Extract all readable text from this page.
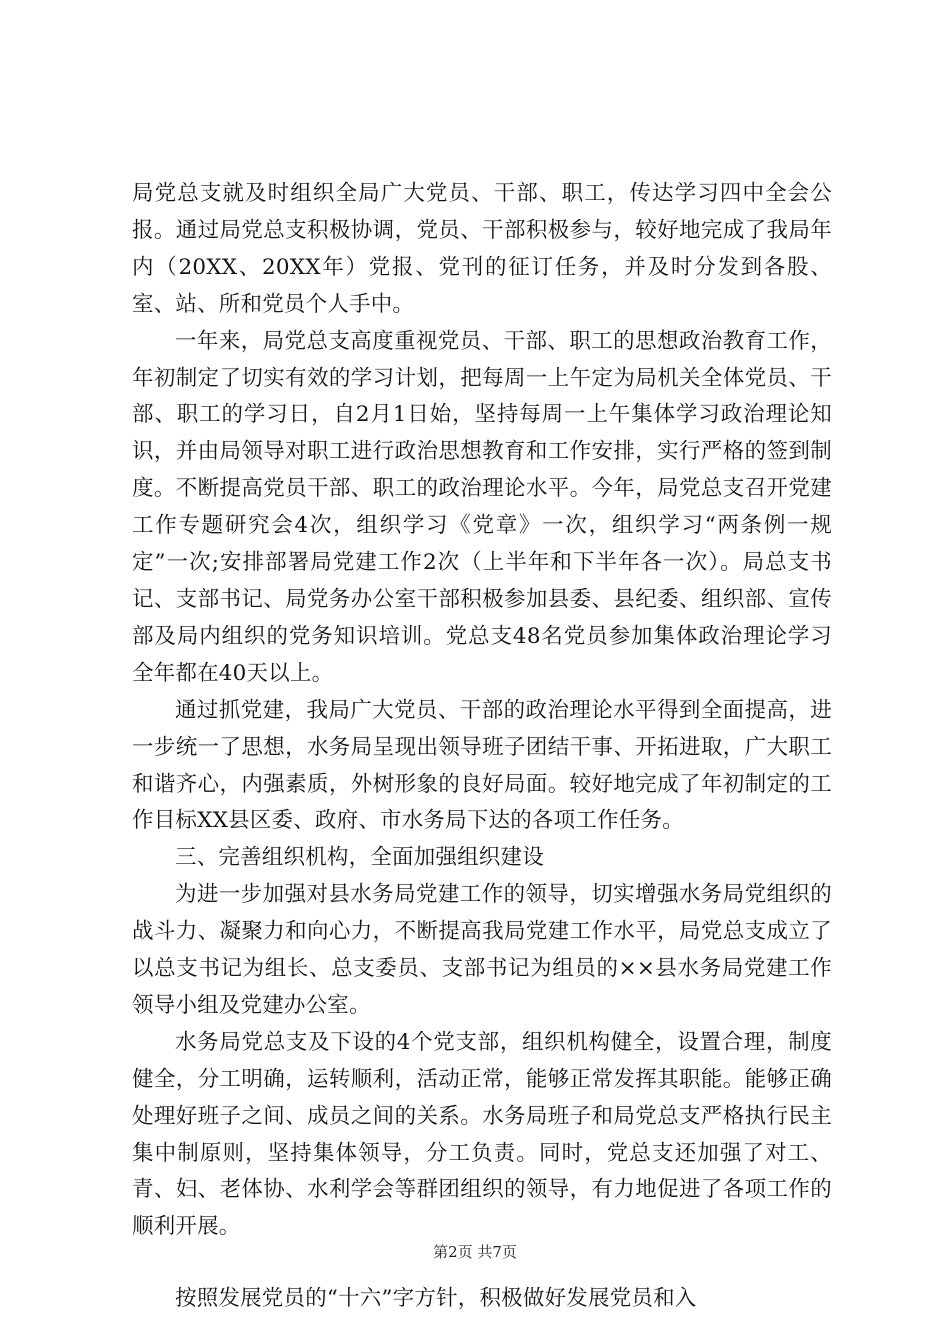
局党总支就及时组织全局广大党员、干部、职工，传达学习四中全会公报。通过局党总支积极协调，党员、干部积极参与，较好地完成了我局年内（20XX、20XX年）党报、党刊的征订任务，并及时分发到各股、室、站、所和党员个人手中。

一年来，局党总支高度重视党员、干部、职工的思想政治教育工作，年初制定了切实有效的学习计划，把每周一上午定为局机关全体党员、干部、职工的学习日，自2月1日始，坚持每周一上午集体学习政治理论知识，并由局领导对职工进行政治思想教育和工作安排，实行严格的签到制度。不断提高党员干部、职工的政治理论水平。今年，局党总支召开党建工作专题研究会4次，组织学习《党章》一次，组织学习“两条例一规定”一次;安排部署局党建工作2次（上半年和下半年各一次）。局总支书记、支部书记、局党务办公室干部积极参加县委、县纪委、组织部、宣传部及局内组织的党务知识培训。党总支48名党员参加集体政治理论学习全年都在40天以上。

通过抓党建，我局广大党员、干部的政治理论水平得到全面提高，进一步统一了思想，水务局呈现出领导班子团结干事、开拓进取，广大职工和谐齐心，内强素质，外树形象的良好局面。较好地完成了年初制定的工作目标XX县区委、政府、市水务局下达的各项工作任务。

三、完善组织机构，全面加强组织建设

为进一步加强对县水务局党建工作的领导，切实增强水务局党组织的战斗力、凝聚力和向心力，不断提高我局党建工作水平，局党总支成立了以总支书记为组长、总支委员、支部书记为组员的××县水务局党建工作领导小组及党建办公室。

水务局党总支及下设的4个党支部，组织机构健全，设置合理，制度健全，分工明确，运转顺利，活动正常，能够正常发挥其职能。能够正确处理好班子之间、成员之间的关系。水务局班子和局党总支严格执行民主集中制原则，坚持集体领导，分工负责。同时，党总支还加强了对工、青、妇、老体协、水利学会等群团组织的领导，有力地促进了各项工作的顺利开展。

按照发展党员的“十六”字方针，积极做好发展党员和入

第2页 共7页
